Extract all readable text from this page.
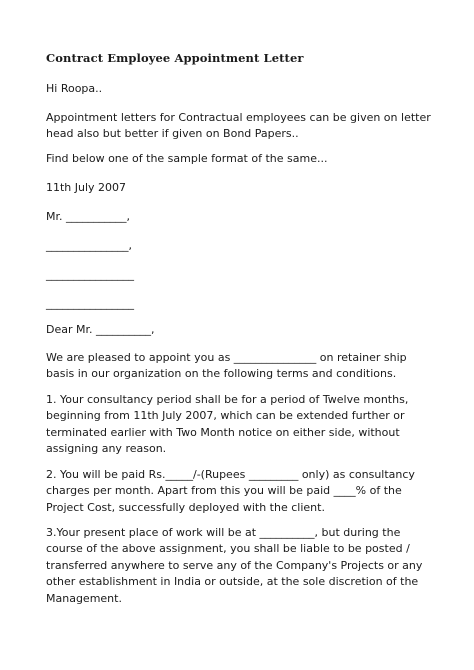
Contract Employee Appointment Letter

Hi Roopa..

Appointment letters for Contractual employees can be given on letter
head also but better if given on Bond Papers..

Find below one of the sample format of the same...

11th July 2007

Mr. ___________,

_______________,

________________

________________

Dear Mr. __________,

We are pleased to appoint you as _______________ on retainer ship
basis in our organization on the following terms and conditions.
1. Your consultancy period shall be for a period of Twelve months,
beginning from 11th July 2007, which can be extended further or
terminated earlier with Two Month notice on either side, without
assigning any reason.
2. You will be paid Rs._____/-(Rupees _________ only) as consultancy
charges per month. Apart from this you will be paid ____% of the
Project Cost, successfully deployed with the client.
3.Your present place of work will be at __________, but during the
course of the above assignment, you shall be liable to be posted /
transferred anywhere to serve any of the Company's Projects or any
other establishment in India or outside, at the sole discretion of the
Management.
